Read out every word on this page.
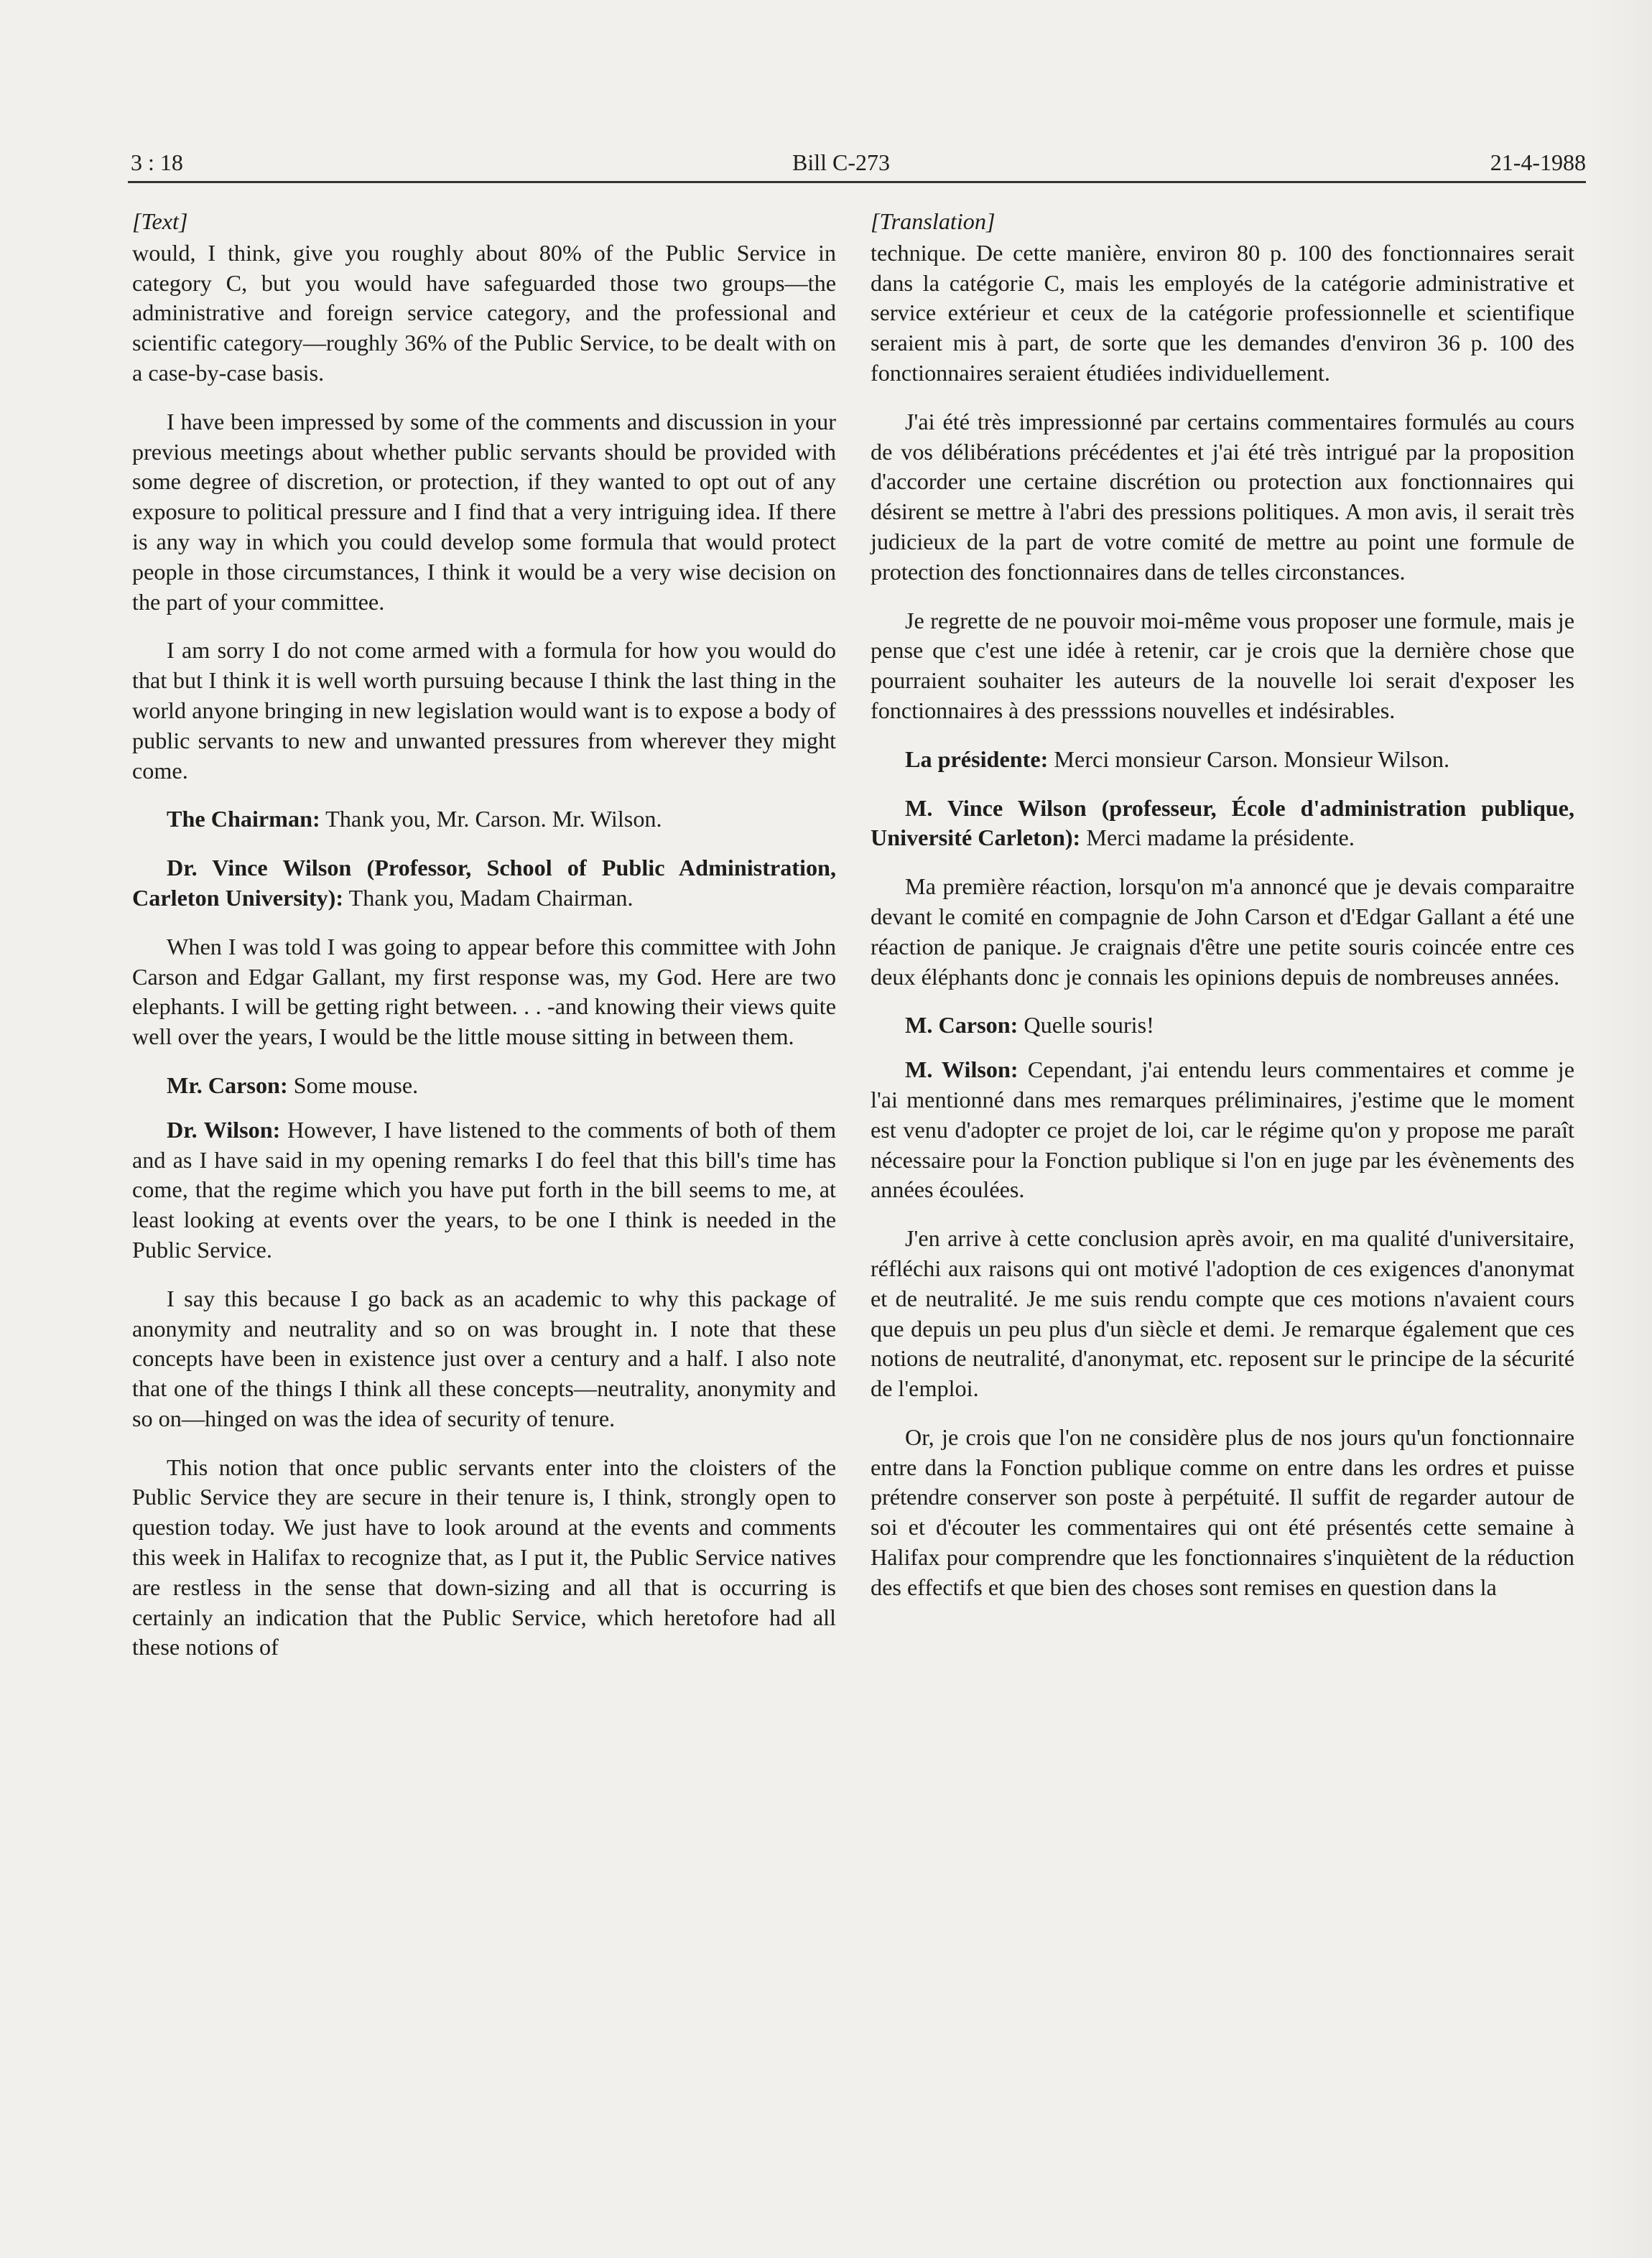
3 : 18	Bill C-273	21-4-1988
[Text]

would, I think, give you roughly about 80% of the Public Service in category C, but you would have safeguarded those two groups—the administrative and foreign service category, and the professional and scientific category—roughly 36% of the Public Service, to be dealt with on a case-by-case basis.

I have been impressed by some of the comments and discussion in your previous meetings about whether public servants should be provided with some degree of discretion, or protection, if they wanted to opt out of any exposure to political pressure and I find that a very intriguing idea. If there is any way in which you could develop some formula that would protect people in those circumstances, I think it would be a very wise decision on the part of your committee.

I am sorry I do not come armed with a formula for how you would do that but I think it is well worth pursuing because I think the last thing in the world anyone bringing in new legislation would want is to expose a body of public servants to new and unwanted pressures from wherever they might come.

The Chairman: Thank you, Mr. Carson. Mr. Wilson.

Dr. Vince Wilson (Professor, School of Public Administration, Carleton University): Thank you, Madam Chairman.

When I was told I was going to appear before this committee with John Carson and Edgar Gallant, my first response was, my God. Here are two elephants. I will be getting right between. . . -and knowing their views quite well over the years, I would be the little mouse sitting in between them.

Mr. Carson: Some mouse.

Dr. Wilson: However, I have listened to the comments of both of them and as I have said in my opening remarks I do feel that this bill's time has come, that the regime which you have put forth in the bill seems to me, at least looking at events over the years, to be one I think is needed in the Public Service.

I say this because I go back as an academic to why this package of anonymity and neutrality and so on was brought in. I note that these concepts have been in existence just over a century and a half. I also note that one of the things I think all these concepts—neutrality, anonymity and so on—hinged on was the idea of security of tenure.

This notion that once public servants enter into the cloisters of the Public Service they are secure in their tenure is, I think, strongly open to question today. We just have to look around at the events and comments this week in Halifax to recognize that, as I put it, the Public Service natives are restless in the sense that down-sizing and all that is occurring is certainly an indication that the Public Service, which heretofore had all these notions of

[Translation]

technique. De cette manière, environ 80 p. 100 des fonctionnaires serait dans la catégorie C, mais les employés de la catégorie administrative et service extérieur et ceux de la catégorie professionnelle et scientifique seraient mis à part, de sorte que les demandes d'environ 36 p. 100 des fonctionnaires seraient étudiées individuellement.

J'ai été très impressionné par certains commentaires formulés au cours de vos délibérations précédentes et j'ai été très intrigué par la proposition d'accorder une certaine discrétion ou protection aux fonctionnaires qui désirent se mettre à l'abri des pressions politiques. A mon avis, il serait très judicieux de la part de votre comité de mettre au point une formule de protection des fonctionnaires dans de telles circonstances.

Je regrette de ne pouvoir moi-même vous proposer une formule, mais je pense que c'est une idée à retenir, car je crois que la dernière chose que pourraient souhaiter les auteurs de la nouvelle loi serait d'exposer les fonctionnaires à des presssions nouvelles et indésirables.

La présidente: Merci monsieur Carson. Monsieur Wilson.

M. Vince Wilson (professeur, École d'administration publique, Université Carleton): Merci madame la présidente.

Ma première réaction, lorsqu'on m'a annoncé que je devais comparaitre devant le comité en compagnie de John Carson et d'Edgar Gallant a été une réaction de panique. Je craignais d'être une petite souris coincée entre ces deux éléphants donc je connais les opinions depuis de nombreuses années.

M. Carson: Quelle souris!

M. Wilson: Cependant, j'ai entendu leurs commentaires et comme je l'ai mentionné dans mes remarques préliminaires, j'estime que le moment est venu d'adopter ce projet de loi, car le régime qu'on y propose me paraît nécessaire pour la Fonction publique si l'on en juge par les évènements des années écoulées.

J'en arrive à cette conclusion après avoir, en ma qualité d'universitaire, réfléchi aux raisons qui ont motivé l'adoption de ces exigences d'anonymat et de neutralité. Je me suis rendu compte que ces motions n'avaient cours que depuis un peu plus d'un siècle et demi. Je remarque également que ces notions de neutralité, d'anonymat, etc. reposent sur le principe de la sécurité de l'emploi.

Or, je crois que l'on ne considère plus de nos jours qu'un fonctionnaire entre dans la Fonction publique comme on entre dans les ordres et puisse prétendre conserver son poste à perpétuité. Il suffit de regarder autour de soi et d'écouter les commentaires qui ont été présentés cette semaine à Halifax pour comprendre que les fonctionnaires s'inquiètent de la réduction des effectifs et que bien des choses sont remises en question dans la
